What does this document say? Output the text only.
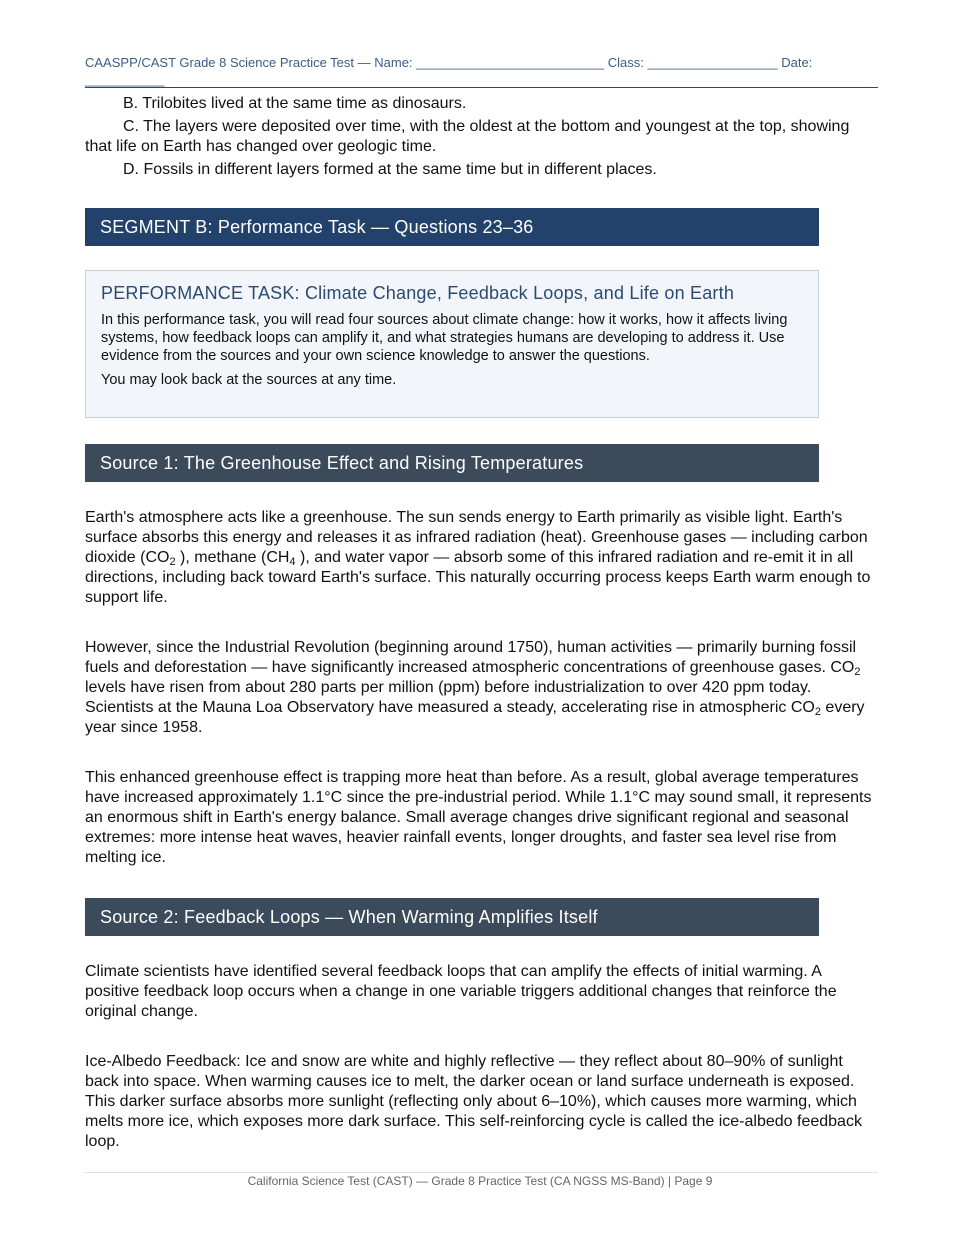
CAASPP/CAST Grade 8 Science Practice Test — Name: __________________________ Class: __________________ Date: ___________

B. Trilobites lived at the same time as dinosaurs.

C. The layers were deposited over time, with the oldest at the bottom and youngest at the top, showing that life on Earth has changed over geologic time.

D. Fossils in different layers formed at the same time but in different places.

SEGMENT B: Performance Task — Questions 23–36
PERFORMANCE TASK: Climate Change, Feedback Loops, and Life on Earth

In this performance task, you will read four sources about climate change: how it works, how it affects living systems, how feedback loops can amplify it, and what strategies humans are developing to address it. Use evidence from the sources and your own science knowledge to answer the questions.

You may look back at the sources at any time.

Source 1: The Greenhouse Effect and Rising Temperatures

Earth's atmosphere acts like a greenhouse. The sun sends energy to Earth primarily as visible light. Earth's surface absorbs this energy and releases it as infrared radiation (heat). Greenhouse gases — including carbon dioxide ($CO_2$ ), methane ($CH_4$ ), and water vapor — absorb some of this infrared radiation and re-emit it in all directions, including back toward Earth's surface. This naturally occurring process keeps Earth warm enough to support life.

However, since the Industrial Revolution (beginning around 1750), human activities — primarily burning fossil fuels and deforestation — have significantly increased atmospheric concentrations of greenhouse gases. $CO_2$ levels have risen from about 280 parts per million (ppm) before industrialization to over 420 ppm today. Scientists at the Mauna Loa Observatory have measured a steady, accelerating rise in atmospheric $CO_2$ every year since 1958.

This enhanced greenhouse effect is trapping more heat than before. As a result, global average temperatures have increased approximately 1.1°C since the pre-industrial period. While 1.1°C may sound small, it represents an enormous shift in Earth's energy balance. Small average changes drive significant regional and seasonal extremes: more intense heat waves, heavier rainfall events, longer droughts, and faster sea level rise from melting ice.

Source 2: Feedback Loops — When Warming Amplifies Itself

Climate scientists have identified several feedback loops that can amplify the effects of initial warming. A positive feedback loop occurs when a change in one variable triggers additional changes that reinforce the original change.

Ice-Albedo Feedback: Ice and snow are white and highly reflective — they reflect about 80–90% of sunlight back into space. When warming causes ice to melt, the darker ocean or land surface underneath is exposed. This darker surface absorbs more sunlight (reflecting only about 6–10%), which causes more warming, which melts more ice, which exposes more dark surface. This self-reinforcing cycle is called the ice-albedo feedback loop.

California Science Test (CAST) — Grade 8 Practice Test (CA NGSS MS-Band) | Page 9
